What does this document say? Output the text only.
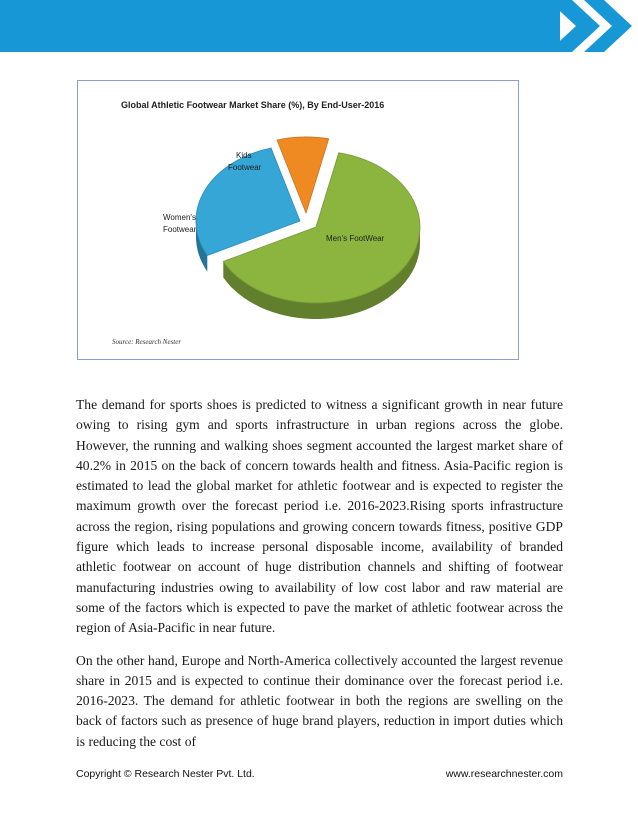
Global Athletic Footwear Market Share (%), By End-User-2016
Kids
Footwear
Women's
Footwear
Men's FootWear
Source: Research Nester

The demand for sports shoes is predicted to witness a significant growth in near future owing to rising gym and sports infrastructure in urban regions across the globe. However, the running and walking shoes segment accounted the largest market share of 40.2% in 2015 on the back of concern towards health and fitness. Asia-Pacific region is estimated to lead the global market for athletic footwear and is expected to register the maximum growth over the forecast period i.e. 2016-2023.Rising sports infrastructure across the region, rising populations and growing concern towards fitness, positive GDP figure which leads to increase personal disposable income, availability of branded athletic footwear on account of huge distribution channels and shifting of footwear manufacturing industries owing to availability of low cost labor and raw material are some of the factors which is expected to pave the market of athletic footwear across the region of Asia-Pacific in near future.

On the other hand, Europe and North-America collectively accounted the largest revenue share in 2015 and is expected to continue their dominance over the forecast period i.e. 2016-2023. The demand for athletic footwear in both the regions are swelling on the back of factors such as presence of huge brand players, reduction in import duties which is reducing the cost of

Copyright © Research Nester Pvt. Ltd.	www.researchnester.com
